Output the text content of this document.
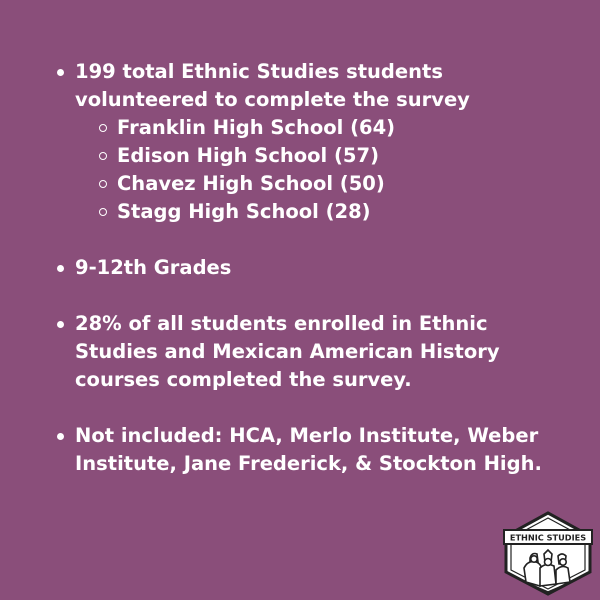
199 total Ethnic Studies students volunteered to complete the survey
Franklin High School (64)
Edison High School (57)
Chavez High School (50)
Stagg High School (28)
9-12th Grades
28% of all students enrolled in Ethnic Studies and Mexican American History courses completed the survey.
Not included: HCA, Merlo Institute, Weber Institute, Jane Frederick, & Stockton High.
ETHNIC STUDIES
